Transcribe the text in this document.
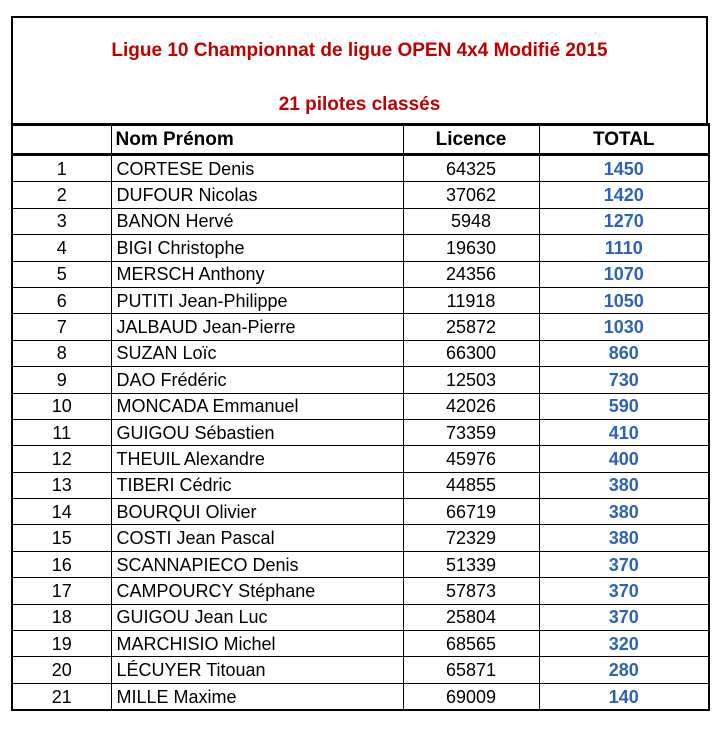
Ligue 10 Championnat de ligue OPEN 4x4 Modifié 2015
21 pilotes classés
	Nom Prénom	Licence	TOTAL
1	CORTESE Denis	64325	1450
2	DUFOUR Nicolas	37062	1420
3	BANON Hervé	5948	1270
4	BIGI Christophe	19630	1110
5	MERSCH Anthony	24356	1070
6	PUTITI Jean-Philippe	11918	1050
7	JALBAUD Jean-Pierre	25872	1030
8	SUZAN Loïc	66300	860
9	DAO Frédéric	12503	730
10	MONCADA Emmanuel	42026	590
11	GUIGOU Sébastien	73359	410
12	THEUIL Alexandre	45976	400
13	TIBERI Cédric	44855	380
14	BOURQUI Olivier	66719	380
15	COSTI Jean Pascal	72329	380
16	SCANNAPIECO Denis	51339	370
17	CAMPOURCY Stéphane	57873	370
18	GUIGOU Jean Luc	25804	370
19	MARCHISIO Michel	68565	320
20	LÉCUYER Titouan	65871	280
21	MILLE Maxime	69009	140
